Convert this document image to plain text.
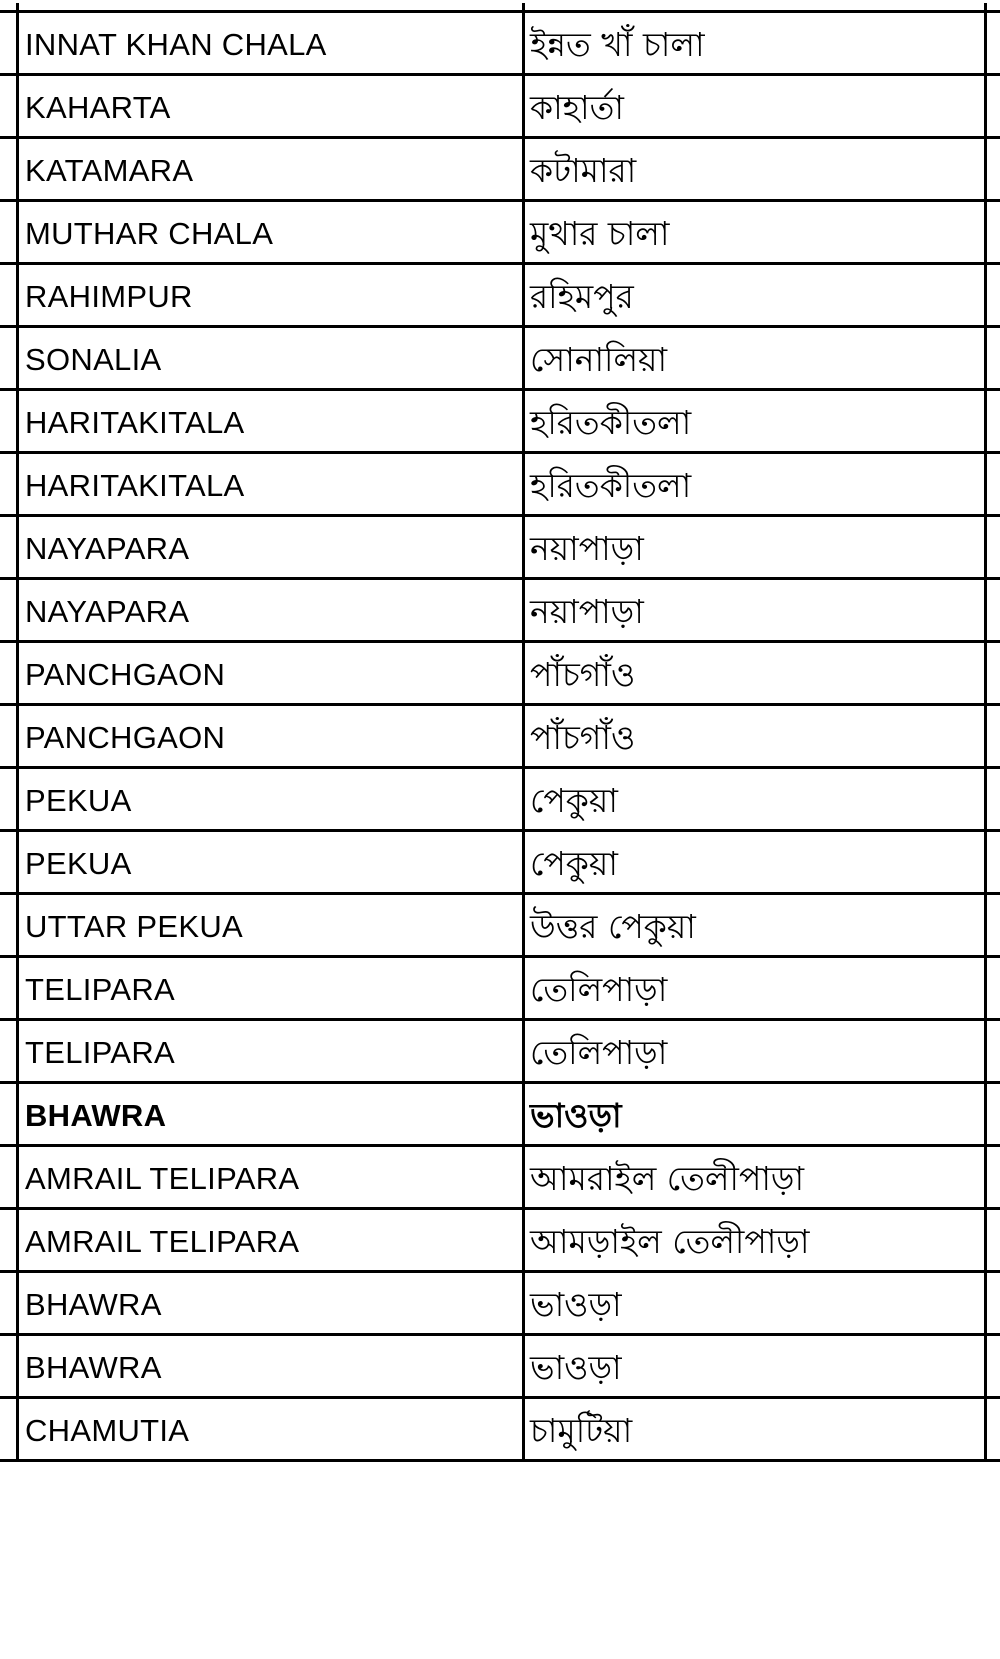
INNAT KHAN CHALA	ইন্নত খাঁ চালা
KAHARTA	কাহার্তা
KATAMARA	কটামারা
MUTHAR CHALA	মুথার চালা
RAHIMPUR	রহিমপুর
SONALIA	সোনালিয়া
HARITAKITALA	হরিতকীতলা
HARITAKITALA	হরিতকীতলা
NAYAPARA	নয়াপাড়া
NAYAPARA	নয়াপাড়া
PANCHGAON	পাঁচগাঁও
PANCHGAON	পাঁচগাঁও
PEKUA	পেকুয়া
PEKUA	পেকুয়া
UTTAR PEKUA	উত্তর পেকুয়া
TELIPARA	তেলিপাড়া
TELIPARA	তেলিপাড়া
BHAWRA	ভাওড়া
AMRAIL TELIPARA	আমরাইল তেলীপাড়া
AMRAIL TELIPARA	আমড়াইল তেলীপাড়া
BHAWRA	ভাওড়া
BHAWRA	ভাওড়া
CHAMUTIA	চামুটিয়া
